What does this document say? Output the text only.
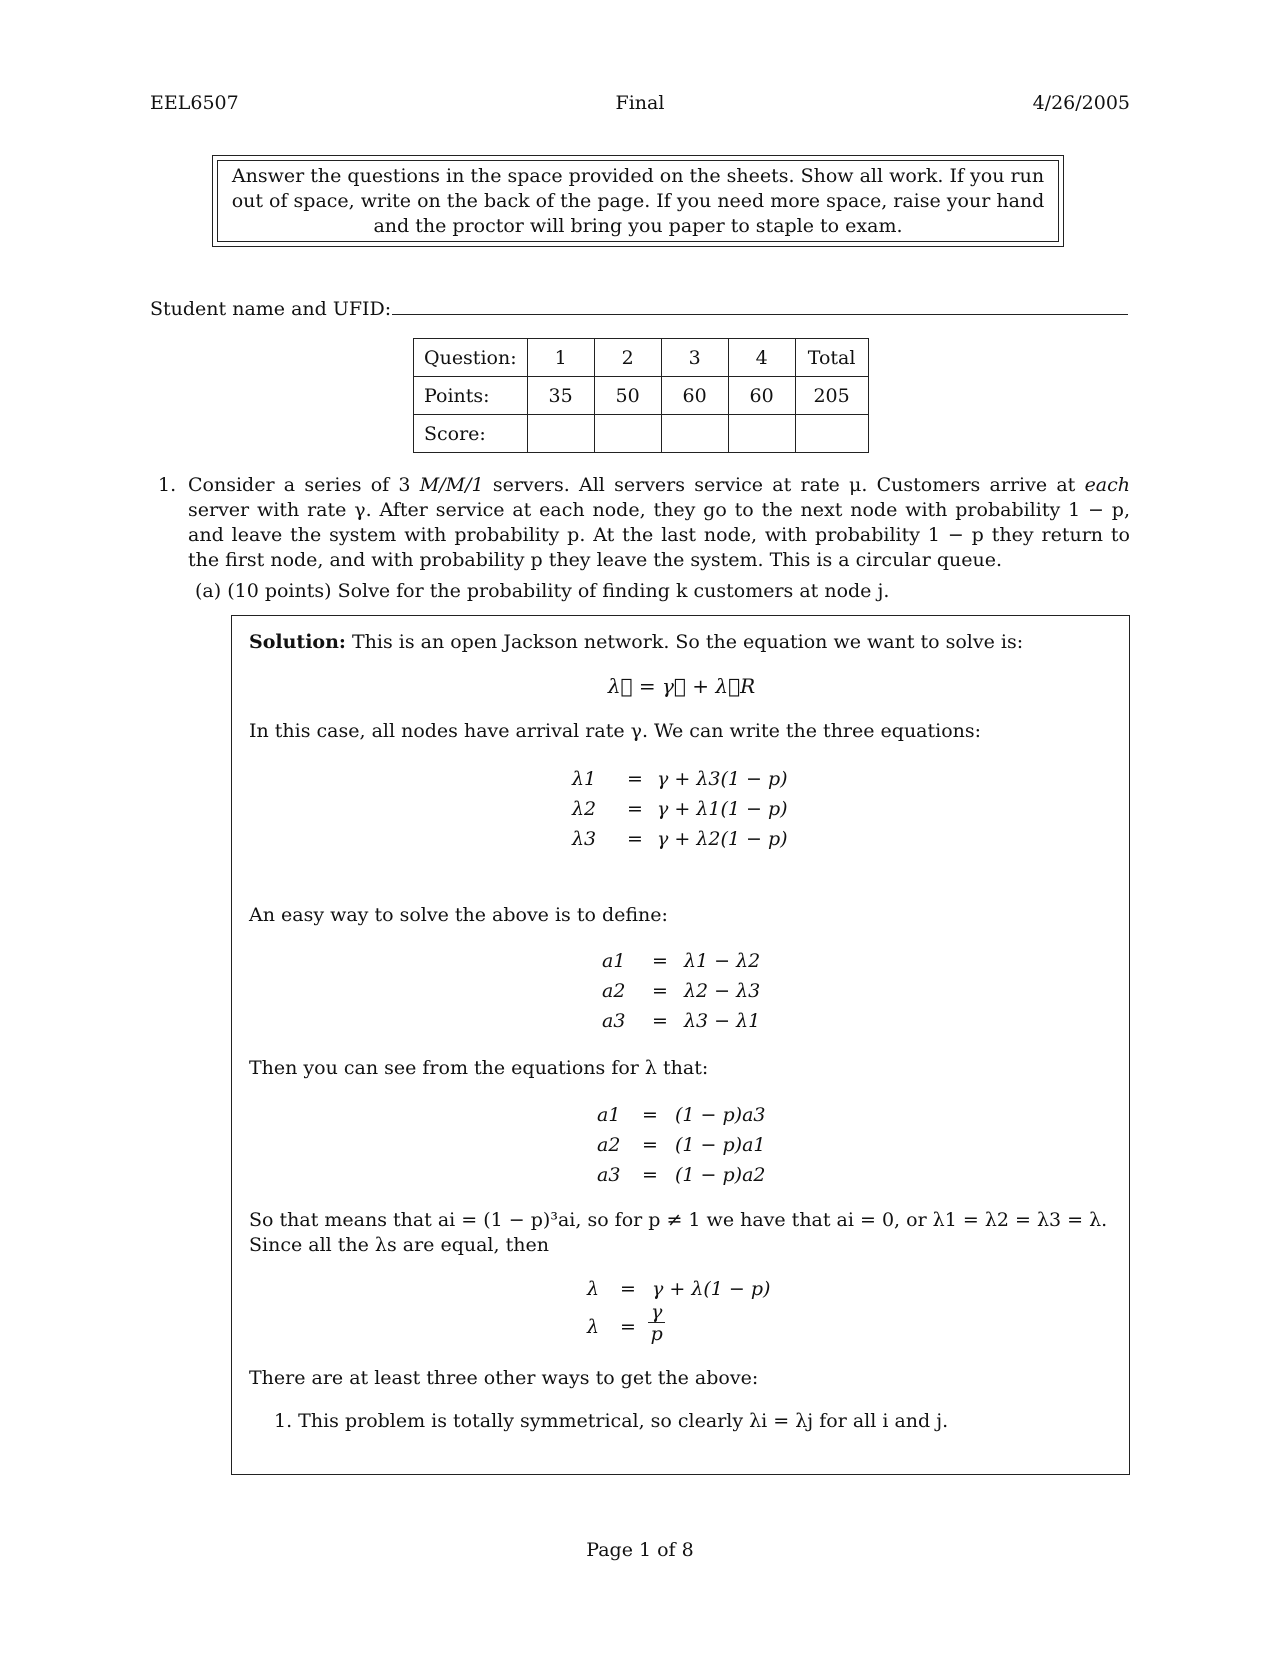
EEL6507	Final	4/26/2005
Answer the questions in the space provided on the sheets. Show all work. If you run out of space, write on the back of the page. If you need more space, raise your hand and the proctor will bring you paper to staple to exam.
Student name and UFID:
Question:	1	2	3	4	Total
Points:	35	50	60	60	205
Score:					
1. Consider a series of 3 M/M/1 servers. All servers service at rate μ. Customers arrive at each server with rate γ. After service at each node, they go to the next node with probability 1 − p, and leave the system with probability p. At the last node, with probability 1 − p they return to the first node, and with probability p they leave the system. This is a circular queue.
(a) (10 points) Solve for the probability of finding k customers at node j.
Solution: This is an open Jackson network. So the equation we want to solve is:
λ⃗ = γ⃗ + λ⃗R
In this case, all nodes have arrival rate γ. We can write the three equations:
λ1 = γ + λ3(1 − p)
λ2 = γ + λ1(1 − p)
λ3 = γ + λ2(1 − p)
An easy way to solve the above is to define:
a1 = λ1 − λ2
a2 = λ2 − λ3
a3 = λ3 − λ1
Then you can see from the equations for λ that:
a1 = (1 − p)a3
a2 = (1 − p)a1
a3 = (1 − p)a2
So that means that ai = (1 − p)³ai, so for p ≠ 1 we have that ai = 0, or λ1 = λ2 = λ3 = λ. Since all the λs are equal, then
λ = γ + λ(1 − p)
$\lambda = \frac{\gamma}{p}$
There are at least three other ways to get the above:
1. This problem is totally symmetrical, so clearly λi = λj for all i and j.
Page 1 of 8
